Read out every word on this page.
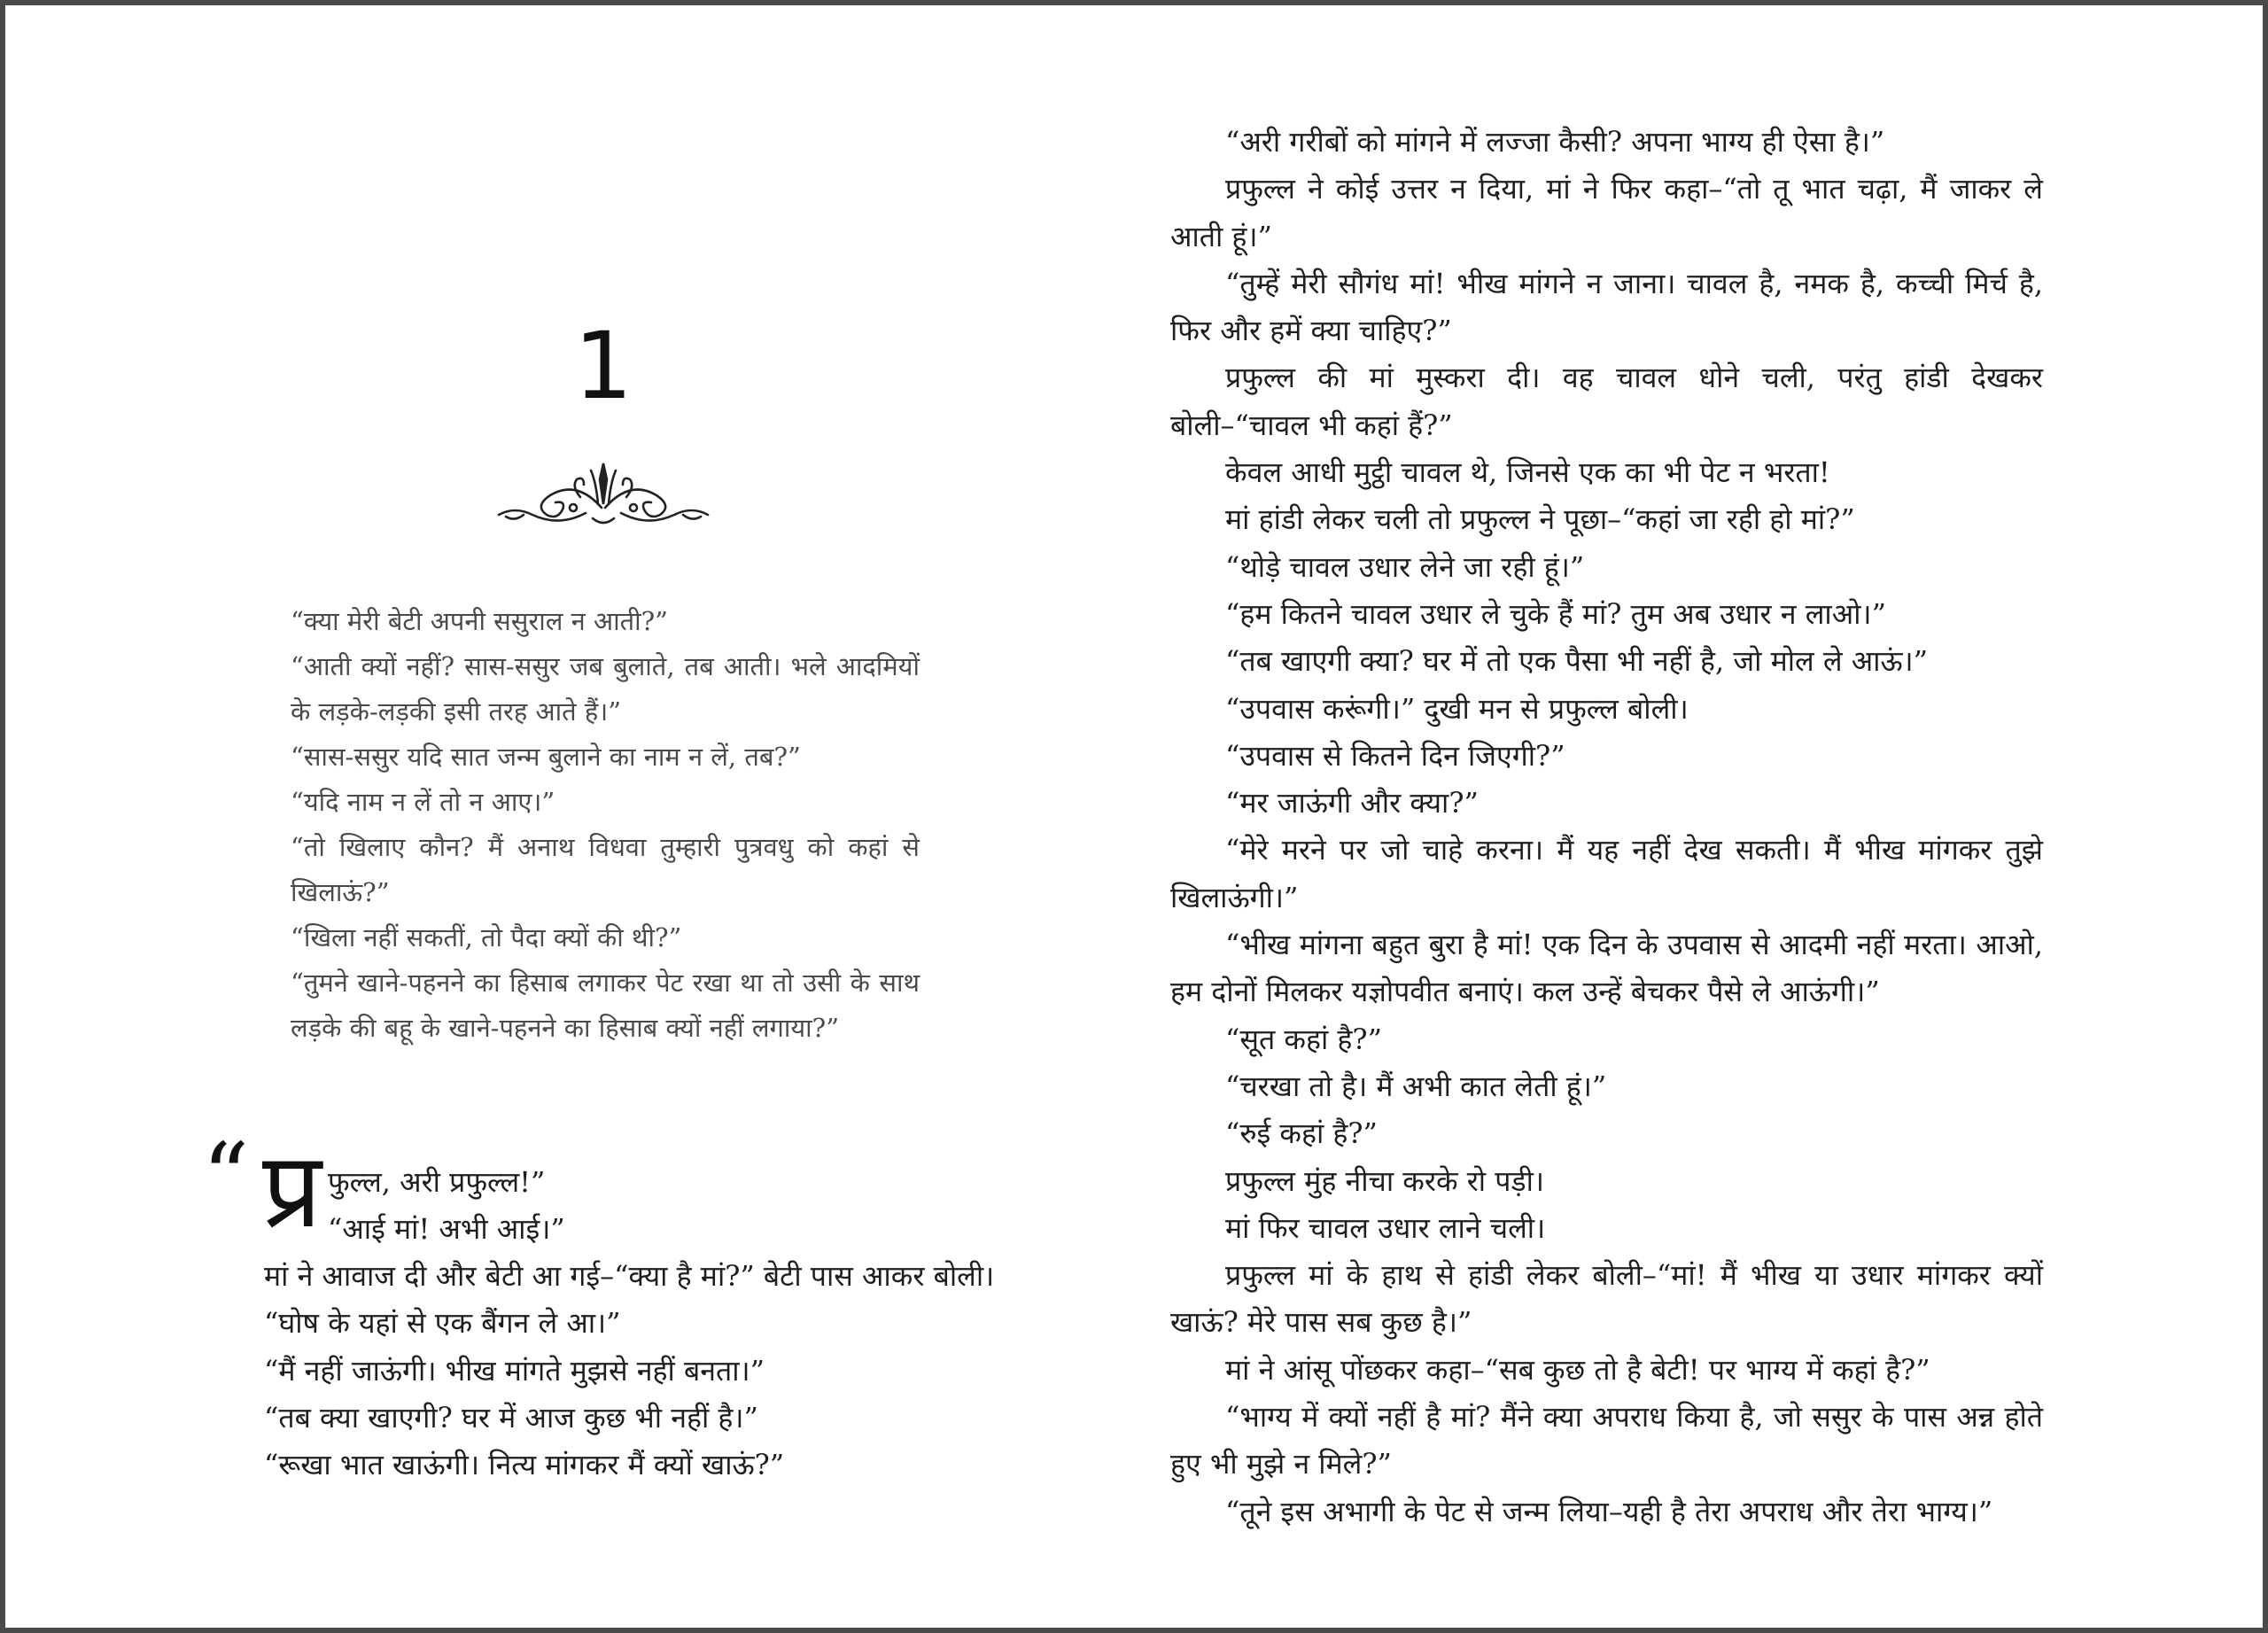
1

“क्या मेरी बेटी अपनी ससुराल न आती?”

“आती क्यों नहीं? सास-ससुर जब बुलाते, तब आती। भले आदमियों के लड़के-लड़की इसी तरह आते हैं।”

“सास-ससुर यदि सात जन्म बुलाने का नाम न लें, तब?”

“यदि नाम न लें तो न आए।”

“तो खिलाए कौन? मैं अनाथ विधवा तुम्हारी पुत्रवधु को कहां से खिलाऊं?”

“खिला नहीं सकतीं, तो पैदा क्यों की थी?”

“तुमने खाने-पहनने का हिसाब लगाकर पेट रखा था तो उसी के साथ लड़के की बहू के खाने-पहनने का हिसाब क्यों नहीं लगाया?”

“ प्र फुल्ल, अरी प्रफुल्ल!”
“आई मां! अभी आई।”

मां ने आवाज दी और बेटी आ गई–“क्या है मां?” बेटी पास आकर बोली।

“घोष के यहां से एक बैंगन ले आ।”

“मैं नहीं जाऊंगी। भीख मांगते मुझसे नहीं बनता।”

“तब क्या खाएगी? घर में आज कुछ भी नहीं है।”

“रूखा भात खाऊंगी। नित्य मांगकर मैं क्यों खाऊं?”

“अरी गरीबों को मांगने में लज्जा कैसी? अपना भाग्य ही ऐसा है।”

प्रफुल्ल ने कोई उत्तर न दिया, मां ने फिर कहा–“तो तू भात चढ़ा, मैं जाकर ले आती हूं।”

“तुम्हें मेरी सौगंध मां! भीख मांगने न जाना। चावल है, नमक है, कच्ची मिर्च है, फिर और हमें क्या चाहिए?”

प्रफुल्ल की मां मुस्करा दी। वह चावल धोने चली, परंतु हांडी देखकर बोली–“चावल भी कहां हैं?”

केवल आधी मुट्ठी चावल थे, जिनसे एक का भी पेट न भरता!

मां हांडी लेकर चली तो प्रफुल्ल ने पूछा–“कहां जा रही हो मां?”

“थोड़े चावल उधार लेने जा रही हूं।”

“हम कितने चावल उधार ले चुके हैं मां? तुम अब उधार न लाओ।”

“तब खाएगी क्या? घर में तो एक पैसा भी नहीं है, जो मोल ले आऊं।”

“उपवास करूंगी।” दुखी मन से प्रफुल्ल बोली।

“उपवास से कितने दिन जिएगी?”

“मर जाऊंगी और क्या?”

“मेरे मरने पर जो चाहे करना। मैं यह नहीं देख सकती। मैं भीख मांगकर तुझे खिलाऊंगी।”

“भीख मांगना बहुत बुरा है मां! एक दिन के उपवास से आदमी नहीं मरता। आओ, हम दोनों मिलकर यज्ञोपवीत बनाएं। कल उन्हें बेचकर पैसे ले आऊंगी।”

“सूत कहां है?”

“चरखा तो है। मैं अभी कात लेती हूं।”

“रुई कहां है?”

प्रफुल्ल मुंह नीचा करके रो पड़ी।

मां फिर चावल उधार लाने चली।

प्रफुल्ल मां के हाथ से हांडी लेकर बोली–“मां! मैं भीख या उधार मांगकर क्यों खाऊं? मेरे पास सब कुछ है।”

मां ने आंसू पोंछकर कहा–“सब कुछ तो है बेटी! पर भाग्य में कहां है?”

“भाग्य में क्यों नहीं है मां? मैंने क्या अपराध किया है, जो ससुर के पास अन्न होते हुए भी मुझे न मिले?”

“तूने इस अभागी के पेट से जन्म लिया–यही है तेरा अपराध और तेरा भाग्य।”
